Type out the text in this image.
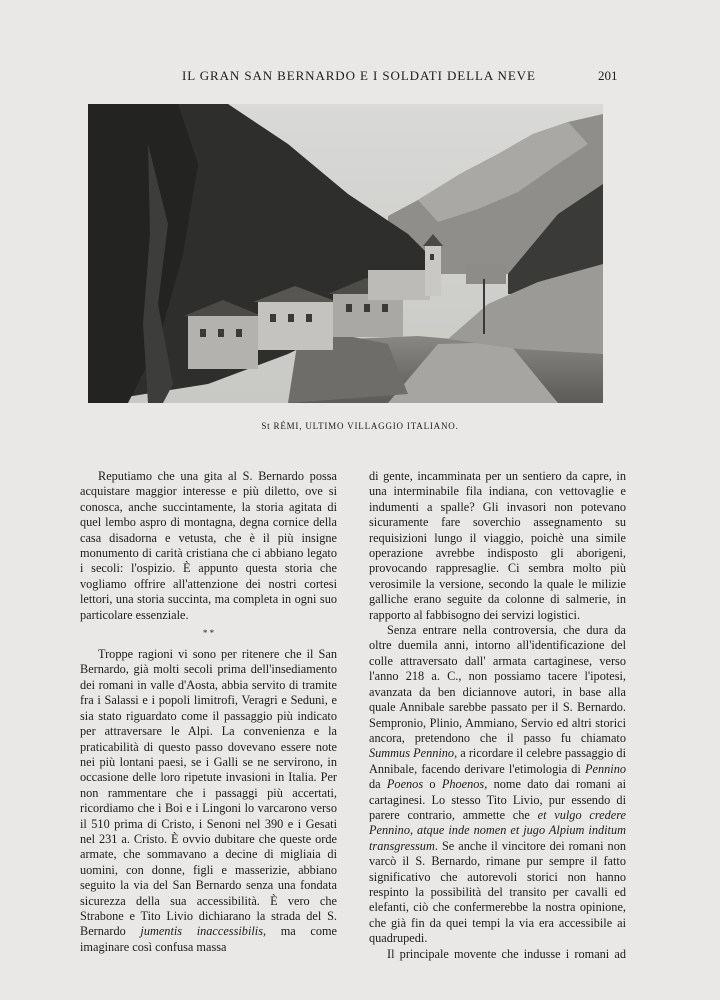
IL GRAN SAN BERNARDO E I SOLDATI DELLA NEVE	201
St RÉMI, ULTIMO VILLAGGIO ITALIANO.

Reputiamo che una gita al S. Bernardo possa acquistare maggior interesse e più diletto, ove si conosca, anche succintamente, la storia agitata di quel lembo aspro di montagna, degna cornice della casa disadorna e vetusta, che è il più insigne monumento di carità cristiana che ci abbiano legato i secoli: l'ospizio. È appunto questa storia che vogliamo offrire all'attenzione dei nostri cortesi lettori, una storia succinta, ma completa in ogni suo particolare essenziale.

* *

Troppe ragioni vi sono per ritenere che il San Bernardo, già molti secoli prima dell'insediamento dei romani in valle d'Aosta, abbia servito di tramite fra i Salassi e i popoli limitrofi, Veragri e Seduni, e sia stato riguardato come il passaggio più indicato per attraversare le Alpi. La convenienza e la praticabilità di questo passo dovevano essere note nei più lontani paesi, se i Galli se ne servirono, in occasione delle loro ripetute invasioni in Italia. Per non rammentare che i passaggi più accertati, ricordiamo che i Boi e i Lingoni lo varcarono verso il 510 prima di Cristo, i Senoni nel 390 e i Gesati nel 231 a. Cristo. È ovvio dubitare che queste orde armate, che sommavano a decine di migliaia di uomini, con donne, figli e masserizie, abbiano seguito la via del San Bernardo senza una fondata sicurezza della sua accessibilità. È vero che Strabone e Tito Livio dichiarano la strada del S. Bernardo jumentis inaccessibilis, ma come imaginare così confusa massa

di gente, incamminata per un sentiero da capre, in una interminabile fila indiana, con vettovaglie e indumenti a spalle? Gli invasori non potevano sicuramente fare soverchio assegnamento su requisizioni lungo il viaggio, poichè una simile operazione avrebbe indisposto gli aborigeni, provocando rappresaglie. Ci sembra molto più verosimile la versione, secondo la quale le milizie galliche erano seguite da colonne di salmerie, in rapporto al fabbisogno dei servizi logistici.

Senza entrare nella controversia, che dura da oltre duemila anni, intorno all'identificazione del colle attraversato dall' armata cartaginese, verso l'anno 218 a. C., non possiamo tacere l'ipotesi, avanzata da ben diciannove autori, in base alla quale Annibale sarebbe passato per il S. Bernardo. Sempronio, Plinio, Ammiano, Servio ed altri storici ancora, pretendono che il passo fu chiamato Summus Pennino, a ricordare il celebre passaggio di Annibale, facendo derivare l'etimologia di Pennino da Poenos o Phoenos, nome dato dai romani ai cartaginesi. Lo stesso Tito Livio, pur essendo di parere contrario, ammette che et vulgo credere Pennino, atque inde nomen et jugo Alpium inditum transgressum. Se anche il vincitore dei romani non varcò il S. Bernardo, rimane pur sempre il fatto significativo che autorevoli storici non hanno respinto la possibilità del transito per cavalli ed elefanti, ciò che confermerebbe la nostra opinione, che già fin da quei tempi la via era accessibile ai quadrupedi.

Il principale movente che indusse i romani ad
